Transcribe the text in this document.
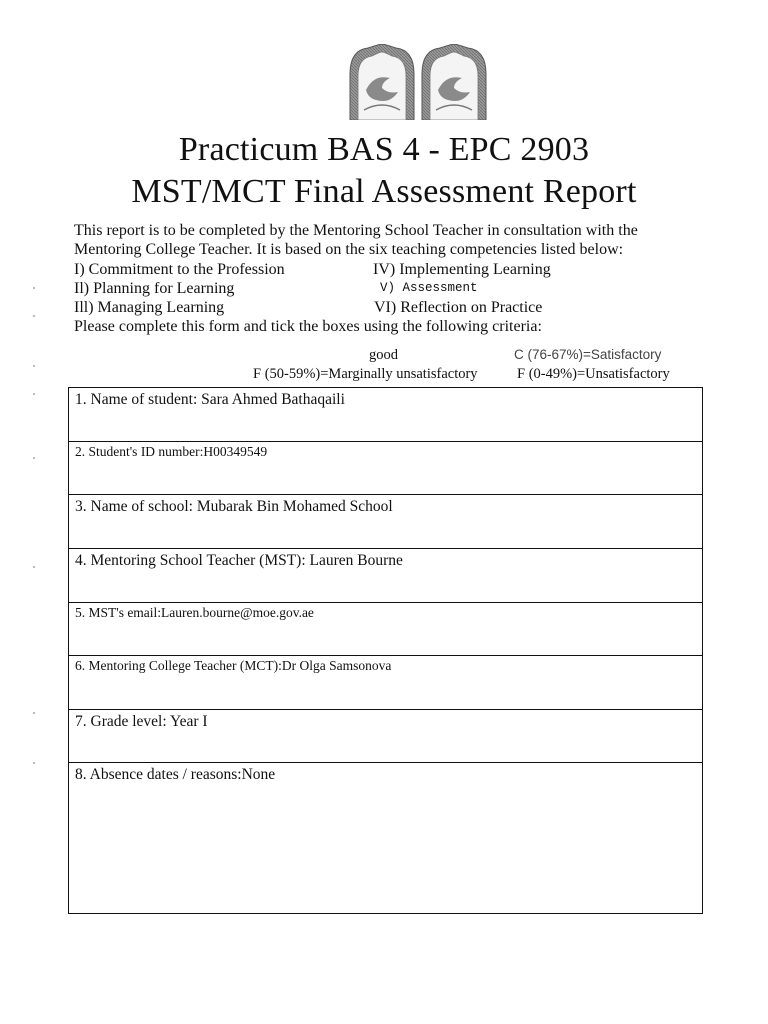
Practicum BAS 4 - EPC 2903
MST/MCT Final Assessment Report
This report is to be completed by the Mentoring School Teacher in consultation with the
Mentoring College Teacher. It is based on the six teaching competencies listed below:
I) Commitment to the Profession	IV) Implementing Learning
Il) Planning for Learning	V) Assessment
Ill) Managing Learning	VI) Reflection on Practice
Please complete this form and tick the boxes using the following criteria:
good	C (76-67%)=Satisfactory
F (50-59%)=Marginally unsatisfactory	F (0-49%)=Unsatisfactory
1. Name of student: Sara Ahmed Bathaqaili
2. Student's ID number:H00349549
3. Name of school: Mubarak Bin Mohamed School
4. Mentoring School Teacher (MST): Lauren Bourne
5. MST's email:Lauren.bourne@moe.gov.ae
6. Mentoring College Teacher (MCT):Dr Olga Samsonova
7. Grade level: Year I
8. Absence dates / reasons:None
